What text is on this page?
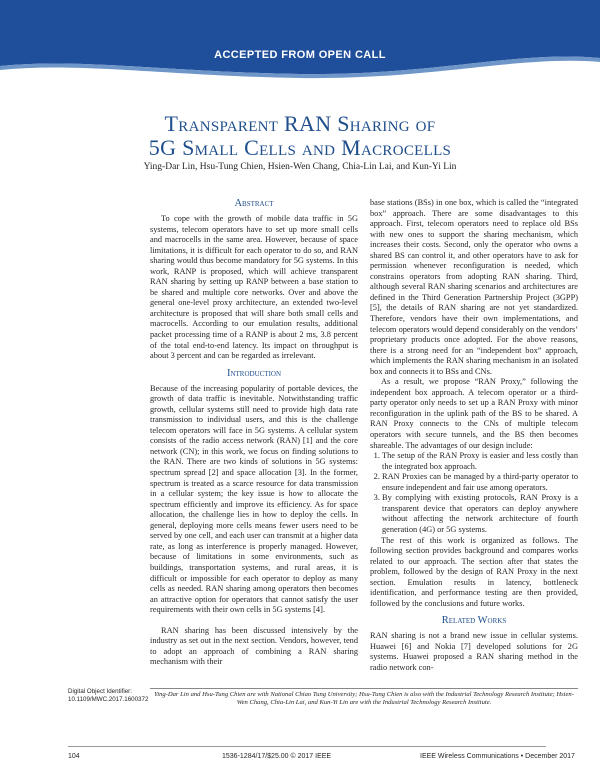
ACCEPTED FROM OPEN CALL
Transparent RAN Sharing of
5G Small Cells and Macrocells
Ying-Dar Lin, Hsu-Tung Chien, Hsien-Wen Chang, Chia-Lin Lai, and Kun-Yi Lin
Abstract

To cope with the growth of mobile data traffic in 5G systems, telecom operators have to set up more small cells and macrocells in the same area. However, because of space limitations, it is difficult for each operator to do so, and RAN sharing would thus become mandatory for 5G systems. In this work, RANP is proposed, which will achieve transparent RAN sharing by setting up RANP between a base station to be shared and multiple core networks. Over and above the general one-level proxy architecture, an extended two-level architecture is proposed that will share both small cells and macrocells. According to our emulation results, additional packet processing time of a RANP is about 2 ms, 3.8 percent of the total end-to-end latency. Its impact on throughput is about 3 percent and can be regarded as irrelevant.

Introduction

Because of the increasing popularity of portable devices, the growth of data traffic is inevitable. Notwithstanding traffic growth, cellular systems still need to provide high data rate transmission to individual users, and this is the challenge telecom operators will face in 5G systems. A cellular system consists of the radio access network (RAN) [1] and the core network (CN); in this work, we focus on finding solutions to the RAN. There are two kinds of solutions in 5G systems: spectrum spread [2] and space allocation [3]. In the former, spectrum is treated as a scarce resource for data transmission in a cellular system; the key issue is how to allocate the spectrum efficiently and improve its efficiency. As for space allocation, the challenge lies in how to deploy the cells. In general, deploying more cells means fewer users need to be served by one cell, and each user can transmit at a higher data rate, as long as interference is properly managed. However, because of limitations in some environments, such as buildings, transportation systems, and rural areas, it is difficult or impossible for each operator to deploy as many cells as needed. RAN sharing among operators then becomes an attractive option for operators that cannot satisfy the user requirements with their own cells in 5G systems [4].

RAN sharing has been discussed intensively by the industry as set out in the next section. Vendors, however, tend to adopt an approach of combining a RAN sharing mechanism with their

base stations (BSs) in one box, which is called the “integrated box” approach. There are some disadvantages to this approach. First, telecom operators need to replace old BSs with new ones to support the sharing mechanism, which increases their costs. Second, only the operator who owns a shared BS can control it, and other operators have to ask for permission whenever reconfiguration is needed, which constrains operators from adopting RAN sharing. Third, although several RAN sharing scenarios and architectures are defined in the Third Generation Partnership Project (3GPP) [5], the details of RAN sharing are not yet standardized. Therefore, vendors have their own implementations, and telecom operators would depend considerably on the vendors’ proprietary products once adopted. For the above reasons, there is a strong need for an “independent box” approach, which implements the RAN sharing mechanism in an isolated box and connects it to BSs and CNs.

As a result, we propose “RAN Proxy,” following the independent box approach. A telecom operator or a third-party operator only needs to set up a RAN Proxy with minor reconfiguration in the uplink path of the BS to be shared. A RAN Proxy connects to the CNs of multiple telecom operators with secure tunnels, and the BS then becomes shareable. The advantages of our design include:

1. The setup of the RAN Proxy is easier and less costly than the integrated box approach.
2. RAN Proxies can be managed by a third-party operator to ensure independent and fair use among operators.
3. By complying with existing protocols, RAN Proxy is a transparent device that operators can deploy anywhere without affecting the network architecture of fourth generation (4G) or 5G systems.

The rest of this work is organized as follows. The following section provides background and compares works related to our approach. The section after that states the problem, followed by the design of RAN Proxy in the next section. Emulation results in latency, bottleneck identification, and performance testing are then provided, followed by the conclusions and future works.

Related Works

RAN sharing is not a brand new issue in cellular systems. Huawei [6] and Nokia [7] developed solutions for 2G systems. Huawei proposed a RAN sharing method in the radio network con-

Digital Object Identifier: 10.1109/MWC.2017.1600372
Ying-Dar Lin and Hsu-Tung Chien are with National Chiao Tung University; Hsu-Tung Chien is also with the Industrial Technology Research Institute; Hsien-Wen Chang, Chia-Lin Lai, and Kun-Yi Lin are with the Industrial Technology Research Institute.
104	1536-1284/17/$25.00 © 2017 IEEE	IEEE Wireless Communications • December 2017
